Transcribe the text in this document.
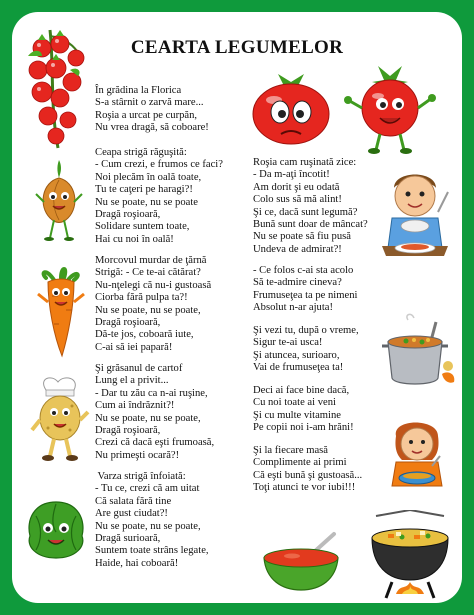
CEARTA LEGUMELOR
În grădina la Florica
S-a stârnit o zarvă mare...
Roşia a urcat pe curpăn,
Nu vrea dragă, să coboare!
Ceapa strigă răguşită:
- Cum crezi, e frumos ce faci?
Noi plecăm în oală toate,
Tu te caţeri pe haragi?!
Nu se poate, nu se poate
Dragă roşioară,
Solidare suntem toate,
Hai cu noi în oală!
Morcovul murdar de ţărnă
Strigă: - Ce te-ai cătărat?
Nu-nţelegi că nu-i gustoasă
Ciorba fără pulpa ta?!
Nu se poate, nu se poate,
Dragă roşioară,
Dă-te jos, coboară iute,
C-ai să iei papară!
Şi grăsanul de cartof
Lung el a privit...
- Dar tu zău ca n-ai ruşine,
Cum ai îndrăznit?!
Nu se poate, nu se poate,
Dragă roşioară,
Crezi că dacă eşti frumoasă,
Nu primeşti ocară?!
Varza strigă înfoiată:
- Tu ce, crezi că am uitat
Că salata fără tine
Are gust ciudat?!
Nu se poate, nu se poate,
Dragă surioară,
Suntem toate strâns legate,
Haide, hai coboară!
Roşia cam ruşinată zice:
- Da m-aţi încotit!
Am dorit şi eu odată
Colo sus să mă alint!
Şi ce, dacă sunt legumă?
Bună sunt doar de mâncat?
Nu se poate să fiu pusă
Undeva de admirat?!
- Ce folos c-ai sta acolo
Să te-admire cineva?
Frumuseţea ta pe nimeni
Absolut n-ar ajuta!
Şi vezi tu, după o vreme,
Sigur te-ai usca!
Şi atuncea, surioaro,
Vai de frumuseţea ta!
Deci ai face bine dacă,
Cu noi toate ai veni
Şi cu multe vitamine
Pe copii noi i-am hrăni!
Şi la fiecare masă
Complimente ai primi
Că eşti bună şi gustoasă...
Toţi atunci te vor iubi!!!
